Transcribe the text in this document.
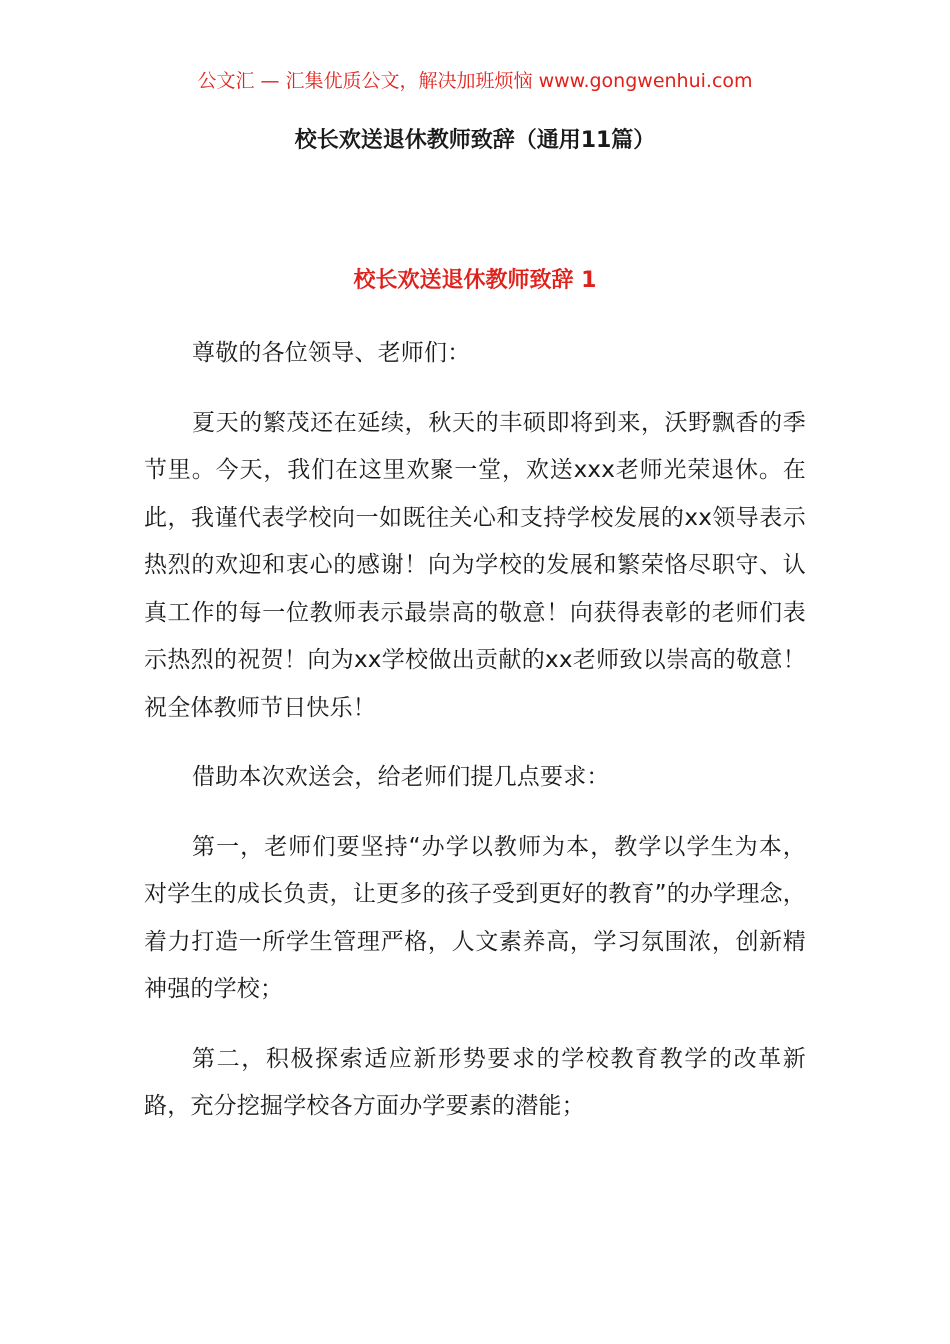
公文汇 — 汇集优质公文，解决加班烦恼 www.gongwenhui.com
校长欢送退休教师致辞（通用11篇）
校长欢送退休教师致辞 1

尊敬的各位领导、老师们：

夏天的繁茂还在延续，秋天的丰硕即将到来，沃野飘香的季节里。今天，我们在这里欢聚一堂，欢送xxx老师光荣退休。在此，我谨代表学校向一如既往关心和支持学校发展的xx领导表示热烈的欢迎和衷心的感谢！向为学校的发展和繁荣恪尽职守、认真工作的每一位教师表示最崇高的敬意！向获得表彰的老师们表示热烈的祝贺！向为xx学校做出贡献的xx老师致以崇高的敬意！祝全体教师节日快乐！

借助本次欢送会，给老师们提几点要求：

第一，老师们要坚持“办学以教师为本，教学以学生为本，对学生的成长负责，让更多的孩子受到更好的教育”的办学理念，着力打造一所学生管理严格，人文素养高，学习氛围浓，创新精神强的学校；

第二，积极探索适应新形势要求的学校教育教学的改革新路，充分挖掘学校各方面办学要素的潜能；
